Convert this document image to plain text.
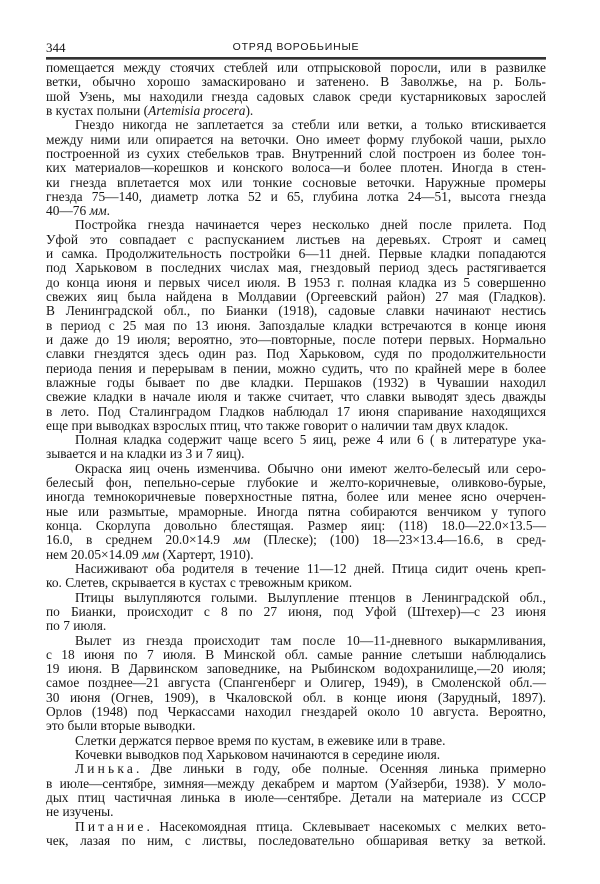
344	ОТРЯД ВОРОБЬИНЫЕ
помещается между стоячих стеблей или отпрысковой поросли, или в развилке
ветки, обычно хорошо замаскировано и затенено. В Заволжье, на р. Боль-
шой Узень, мы находили гнезда садовых славок среди кустарниковых зарослей
в кустах полыни (Artemisia procera).
Гнездо никогда не заплетается за стебли или ветки, а только втискивается
между ними или опирается на веточки. Оно имеет форму глубокой чаши, рыхло
построенной из сухих стебельков трав. Внутренний слой построен из более тон-
ких материалов—корешков и конского волоса—и более плотен. Иногда в стен-
ки гнезда вплетается мох или тонкие сосновые веточки. Наружные промеры
гнезда 75—140, диаметр лотка 52 и 65, глубина лотка 24—51, высота гнезда
40—76 мм.
Постройка гнезда начинается через несколько дней после прилета. Под
Уфой это совпадает с распусканием листьев на деревьях. Строят и самец
и самка. Продолжительность постройки 6—11 дней. Первые кладки попадаются
под Харьковом в последних числах мая, гнездовый период здесь растягивается
до конца июня и первых чисел июля. В 1953 г. полная кладка из 5 совершенно
свежих яиц была найдена в Молдавии (Оргеевский район) 27 мая (Гладков).
В Ленинградской обл., по Бианки (1918), садовые славки начинают нестись
в период с 25 мая по 13 июня. Запоздалые кладки встречаются в конце июня
и даже до 19 июля; вероятно, это—повторные, после потери первых. Нормально
славки гнездятся здесь один раз. Под Харьковом, судя по продолжительности
периода пения и перерывам в пении, можно судить, что по крайней мере в более
влажные годы бывает по две кладки. Першаков (1932) в Чувашии находил
свежие кладки в начале июля и также считает, что славки выводят здесь дважды
в лето. Под Сталинградом Гладков наблюдал 17 июня спаривание находящихся
еще при выводках взрослых птиц, что также говорит о наличии там двух кладок.
Полная кладка содержит чаще всего 5 яиц, реже 4 или 6 ( в литературе ука-
зывается и на кладки из 3 и 7 яиц).
Окраска яиц очень изменчива. Обычно они имеют желто-белесый или серо-
белесый фон, пепельно-серые глубокие и желто-коричневые, оливково-бурые,
иногда темнокоричневые поверхностные пятна, более или менее ясно очерчен-
ные или размытые, мраморные. Иногда пятна собираются венчиком у тупого
конца. Скорлупа довольно блестящая. Размер яиц: (118) 18.0—22.0×13.5—
16.0, в среднем 20.0×14.9 мм (Плеске); (100) 18—23×13.4—16.6, в сред-
нем 20.05×14.09 мм (Хартерт, 1910).
Насиживают оба родителя в течение 11—12 дней. Птица сидит очень креп-
ко. Слетев, скрывается в кустах с тревожным криком.
Птицы вылупляются голыми. Вылупление птенцов в Ленинградской обл.,
по Бианки, происходит с 8 по 27 июня, под Уфой (Штехер)—с 23 июня
по 7 июля.
Вылет из гнезда происходит там после 10—11-дневного выкармливания,
с 18 июня по 7 июля. В Минской обл. самые ранние слетыши наблюдались
19 июня. В Дарвинском заповеднике, на Рыбинском водохранилище,—20 июля;
самое позднее—21 августа (Спангенберг и Олигер, 1949), в Смоленской обл.—
30 июня (Огнев, 1909), в Чкаловской обл. в конце июня (Зарудный, 1897).
Орлов (1948) под Черкассами находил гнездарей около 10 августа. Вероятно,
это были вторые выводки.
Слетки держатся первое время по кустам, в ежевике или в траве.
Кочевки выводков под Харьковом начинаются в середине июля.
Линька. Две линьки в году, обе полные. Осенняя линька примерно
в июле—сентябре, зимняя—между декабрем и мартом (Уайзерби, 1938). У моло-
дых птиц частичная линька в июле—сентябре. Детали на материале из СССР
не изучены.
Питание. Насекомоядная птица. Склевывает насекомых с мелких вето-
чек, лазая по ним, с листвы, последовательно обшаривая ветку за веткой.
